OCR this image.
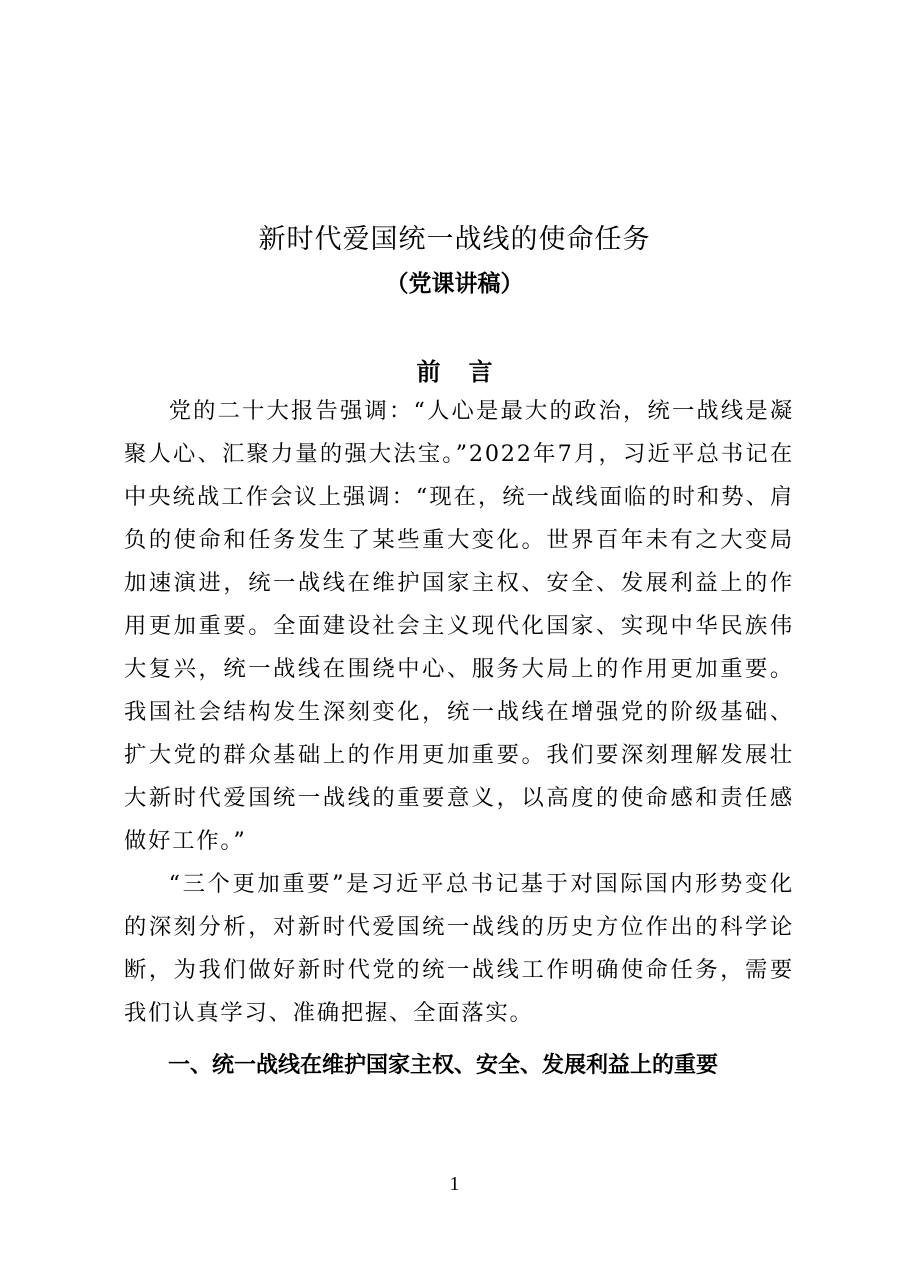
新时代爱国统一战线的使命任务
（党课讲稿）
前言

党的二十大报告强调：“人心是最大的政治，统一战线是凝聚人心、汇聚力量的强大法宝。”2022年7月，习近平总书记在中央统战工作会议上强调：“现在，统一战线面临的时和势、肩负的使命和任务发生了某些重大变化。世界百年未有之大变局加速演进，统一战线在维护国家主权、安全、发展利益上的作用更加重要。全面建设社会主义现代化国家、实现中华民族伟大复兴，统一战线在围绕中心、服务大局上的作用更加重要。我国社会结构发生深刻变化，统一战线在增强党的阶级基础、扩大党的群众基础上的作用更加重要。我们要深刻理解发展壮大新时代爱国统一战线的重要意义，以高度的使命感和责任感做好工作。”

“三个更加重要”是习近平总书记基于对国际国内形势变化的深刻分析，对新时代爱国统一战线的历史方位作出的科学论断，为我们做好新时代党的统一战线工作明确使命任务，需要我们认真学习、准确把握、全面落实。

一、统一战线在维护国家主权、安全、发展利益上的重要
1
